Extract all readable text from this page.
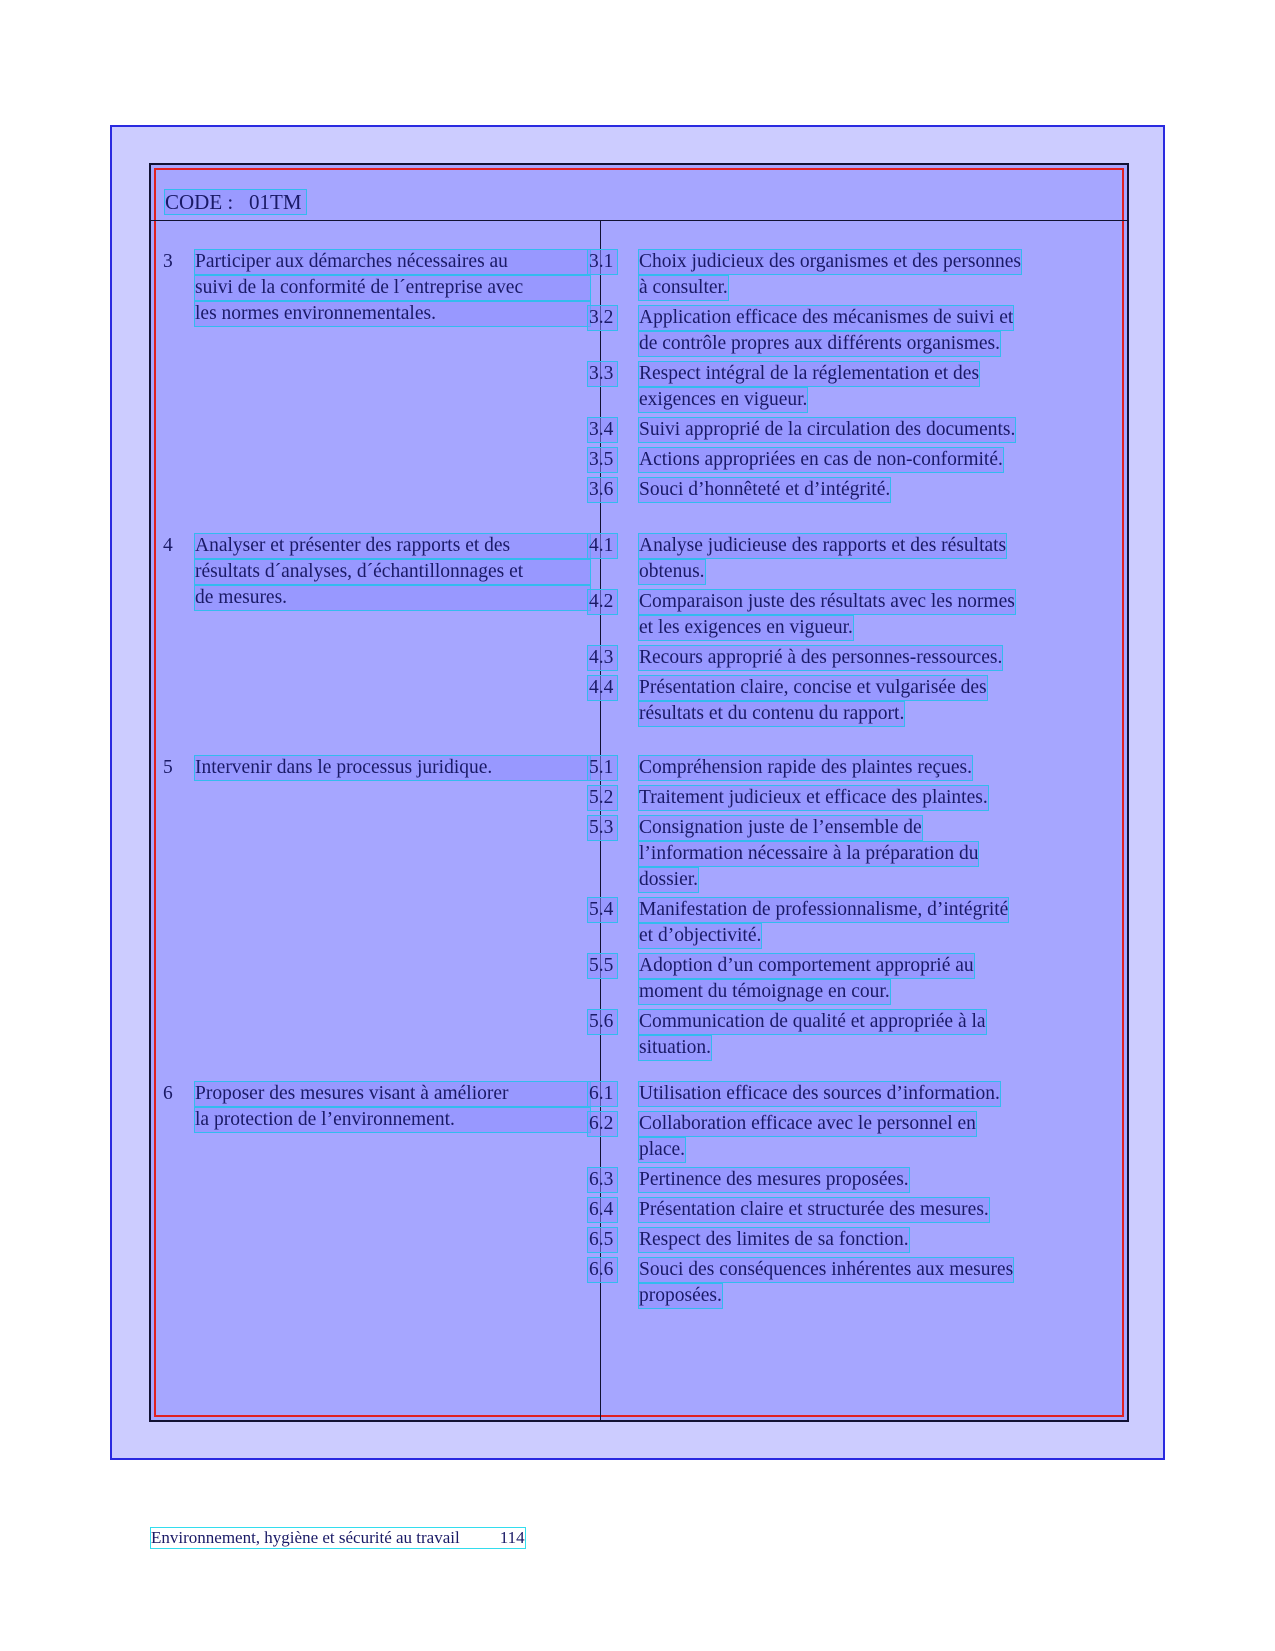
CODE : 01TM
3 Participer aux démarches nécessaires au
suivi de la conformité de l´entreprise avec
les normes environnementales.
3.1 Choix judicieux des organismes et des personnes
à consulter.
3.2 Application efficace des mécanismes de suivi et
de contrôle propres aux différents organismes.
3.3 Respect intégral de la réglementation et des
exigences en vigueur.
3.4 Suivi approprié de la circulation des documents.
3.5 Actions appropriées en cas de non-conformité.
3.6 Souci d’honnêteté et d’intégrité.
4 Analyser et présenter des rapports et des
résultats d´analyses, d´échantillonnages et
de mesures.
4.1 Analyse judicieuse des rapports et des résultats
obtenus.
4.2 Comparaison juste des résultats avec les normes
et les exigences en vigueur.
4.3 Recours approprié à des personnes-ressources.
4.4 Présentation claire, concise et vulgarisée des
résultats et du contenu du rapport.
5 Intervenir dans le processus juridique.	5.1 Compréhension rapide des plaintes reçues.
5.2 Traitement judicieux et efficace des plaintes.
5.3 Consignation juste de l’ensemble de
l’information nécessaire à la préparation du
dossier.
5.4 Manifestation de professionnalisme, d’intégrité
et d’objectivité.
5.5 Adoption d’un comportement approprié au
moment du témoignage en cour.
5.6 Communication de qualité et appropriée à la
situation.
6 Proposer des mesures visant à améliorer
la protection de l’environnement.
6.1 Utilisation efficace des sources d’information.
6.2 Collaboration efficace avec le personnel en
place.
6.3 Pertinence des mesures proposées.
6.4 Présentation claire et structurée des mesures.
6.5 Respect des limites de sa fonction.
6.6 Souci des conséquences inhérentes aux mesures
proposées.
Environnement, hygiène et sécurité au travail 114
